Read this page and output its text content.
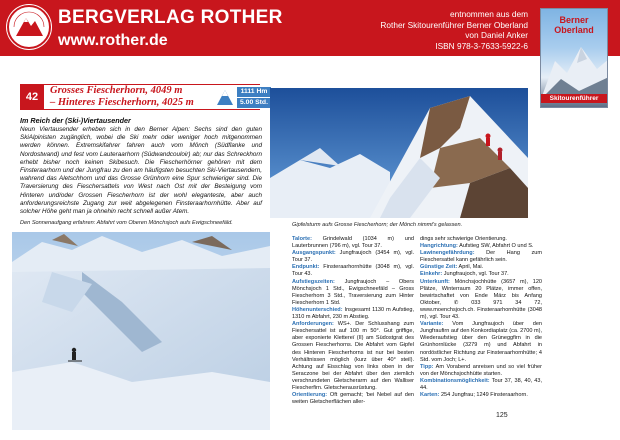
BERGVERLAG ROTHER
www.rother.de
entnommen aus dem
Rother Skitourenführer Berner Oberland
von Daniel Anker
ISBN 978-3-7633-5922-6
Berner Oberland
Skitourenführer
42
Grosses Fiescherhorn, 4049 m
– Hinteres Fiescherhorn, 4025 m
1111 Hm
5.00 Std.
Im Reich der (Ski-)Viertausender
Neun Viertausender erheben sich in den Berner Alpen: Sechs sind den guten SkiAlpinisten zugänglich, wobei die Ski mehr oder weniger hoch mitgenommen werden können. Extremskifahrer fahren auch vom Mönch (Südflanke und Nordostwand) und fest vom Lauteraarhorn (Südwandcouloir) ab; nur das Schreckhorn erhebt bisher noch keinen Skibesuch. Die Fiescherhörner gehören mit dem Finsteraarhorn und der Jungfrau zu den am häufigsten besuchten Ski-Viertausendern, wahrend das Aletschhorn und das Grosse Grünhorn eine Spur schwieriger sind. Die Traversierung des Fieschersattels von West nach Ost mit der Besteigung vom Hinteren und/oder Grossen Fiescherhorn ist der wohl eleganteste, aber auch anforderungsreichste Zugang zur weit abgelegenen Finsteraarhornhütte. Aber auf solcher Höhe geht man ja ohnehin recht schnell außer Atem.
Den Sonnenaufgang erfahren: Abfahrt vom Oberen Mönchsjoch aufs Ewigschneefäld.	Gipfelsturm aufs Grosse Fiescherhorn; der Mönch nimmt's gelassen.
Talorte: Grindelwald (1034 m) und Lauterbrunnen (796 m), vgl. Tour 37.
Ausgangspunkt: Jungfraujoch (3454 m), vgl. Tour 37.
Endpunkt: Finsteraarhornhütte (3048 m), vgl. Tour 43.
Aufstiegszeiten: Jungfraujoch – Obers Mönchsjoch 1 Std., Ewigschneefäld – Gross Fiescherhorn 3 Std., Traversierung zum Hinter Fiescherhorn 1 Std.
Höhenunterschied: Insgesamt 1130 m Aufstieg, 1310 m Abfahrt, 230 m Abstieg.
Anforderungen: WS+. Der Schlusshang zum Fieschersattel ist auf 100 m 50°. Gut griffige, aber exponierte Klettereï (II) am Südostgrat des Grossen Fiescherhorns. Die Abfahrt vom Gipfel des Hinteren Fiescherhorns ist nur bei besten Verhältnissen möglich (kurz über 40° steil). Achtung auf Eisschlag von links oben in der Seraczone bei der Abfahrt über den ziemlich verschrundeten Gletscherarm auf den Walliser Fiescherfirn. Gletscherausrüstung.
Orientierung: Oft gemacht; 'bei Nebel auf den weiten Gletscherflächen aller-
dings sehr schwierige Orientierung.
Hangrichtung: Aufstieg SW, Abfahrt O und S.
Lawinengefährdung: Der Hang zum Fieschersattel kann gefährlich sein.
Günstige Zeit: April, Mai.
Einkehr: Jungfraujoch, vgl. Tour 37.
Unterkunft: Mönchsjochhütte (3657 m), 120 Plätze, Winterraum 20 Plätze, immer offen, bewirtschaftet von Ende März bis Anfang Oktober, ✆ 033 971 34 72, www.moenchsjoch.ch. Finsteraarhornhütte (3048 m), vgl. Tour 43.
Variante: Vom Jungfraujoch über den Jungfraufirn auf den Konkordiaplatz (ca. 2700 m), Wiederaufstieg über den Grüneggfirn in die Grünhornlücke (3279 m) und Abfahrt in nordöstlicher Richtung zur Finsteraarhornhütte; 4 Std. vom Joch; L+.
Tipp: Am Vorabend anreisen und so viel früher von der Mönchsjochhütte starten.
Kombinationsmöglichkeit: Tour 37, 38, 40, 43, 44.
Karten: 254 Jungfrau; 1249 Finsteraarhorn.
125
